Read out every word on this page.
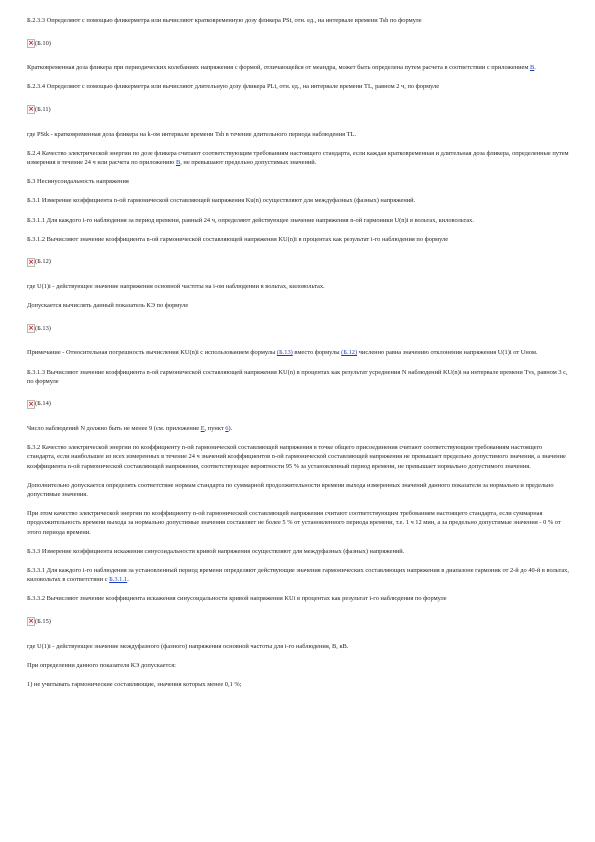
Б.2.3.3 Определяют с помощью фликерметра или вычисляют кратковременную дозу фликера PSt, отн. ед., на интервале времени Tsh по формуле
× (Б.10)
Кратковременная доза фликера при периодических колебаниях напряжения с формой, отличающейся от меандра, может быть определена путем расчета в соответствии с приложением В.
Б.2.3.4 Определяют с помощью фликерметра или вычисляют длительную дозу фликера PLt, отн. ед., на интервале времени TL, равном 2 ч, по формуле
× (Б.11)
где PStk - кратковременная доза фликера на k-ом интервале времени Tsh в течение длительного периода наблюдения TL.
Б.2.4 Качество электрической энергии по дозе фликера считают соответствующим требованиям настоящего стандарта, если каждая кратковременная и длительная доза фликера, определенные путем измерения в течение 24 ч или расчета по приложению В, не превышают предельно допустимых значений.
Б.3 Несинусоидальность напряжения
Б.3.1 Измерение коэффициента n-ой гармонической составляющей напряжения Ku(n) осуществляют для междуфазных (фазных) напряжений.
Б.3.1.1 Для каждого i-го наблюдения за период времени, равный 24 ч, определяют действующее значение напряжения n-ой гармоники U(n)i в вольтах, киловольтах.
Б.3.1.2 Вычисляют значение коэффициента n-ой гармонической составляющей напряжения KU(n)i в процентах как результат i-го наблюдения по формуле
× (Б.12)
где U(1)i - действующее значение напряжения основной частоты на i-ом наблюдении в вольтах, киловольтах.
Допускается вычислять данный показатель КЭ по формуле
× (Б.13)
Примечание - Относительная погрешность вычисления KU(n)i с использованием формулы (Б.13) вместо формулы (Б.12) численно равна значению отклонения напряжения U(1)i от Uном.
Б.3.1.3 Вычисляют значение коэффициента n-ой гармонической составляющей напряжения KU(n) в процентах как результат усреднения N наблюдений KU(n)i на интервале времени Tvs, равном 3 с, по формуле
× (Б.14)
Число наблюдений N должно быть не менее 9 (см. приложение Е, пункт 6).
Б.3.2 Качество электрической энергии по коэффициенту n-ой гармонической составляющей напряжения в точке общего присоединения считают соответствующим требованиям настоящего стандарта, если наибольшее из всех измеренных в течение 24 ч значений коэффициентов n-ой гармонической составляющей напряжения не превышает предельно допустимого значения, а значение коэффициента n-ой гармонической составляющей напряжения, соответствующее вероятности 95 % за установленный период времени, не превышает нормально допустимого значения.
Дополнительно допускается определять соответствие нормам стандарта по суммарной продолжительности времени выхода измеренных значений данного показателя за нормально и предельно допустимые значения.
При этом качество электрической энергии по коэффициенту n-ой гармонической составляющей напряжения считают соответствующим требованиям настоящего стандарта, если суммарная продолжительность времени выхода за нормально допустимые значения составляет не более 5 % от установленного периода времени, т.е. 1 ч 12 мин, а за предельно допустимые значения - 0 % от этого периода времени.
Б.3.3 Измерение коэффициента искажения синусоидальности кривой напряжения осуществляют для междуфазных (фазных) напряжений.
Б.3.3.1 Для каждого i-го наблюдения за установленный период времени определяют действующие значения гармонических составляющих напряжения в диапазоне гармоник от 2-й до 40-й в вольтах, киловольтах в соответствии с Б.3.1.1.
Б.3.3.2 Вычисляют значение коэффициента искажения синусоидальности кривой напряжения KUi в процентах как результат i-го наблюдения по формуле
× (Б.15)
где U(1)i - действующее значение междуфазного (фазного) напряжения основной частоты для i-го наблюдения, В, кВ.
При определении данного показателя КЭ допускается:
1) не учитывать гармонические составляющие, значения которых менее 0,1 %;
